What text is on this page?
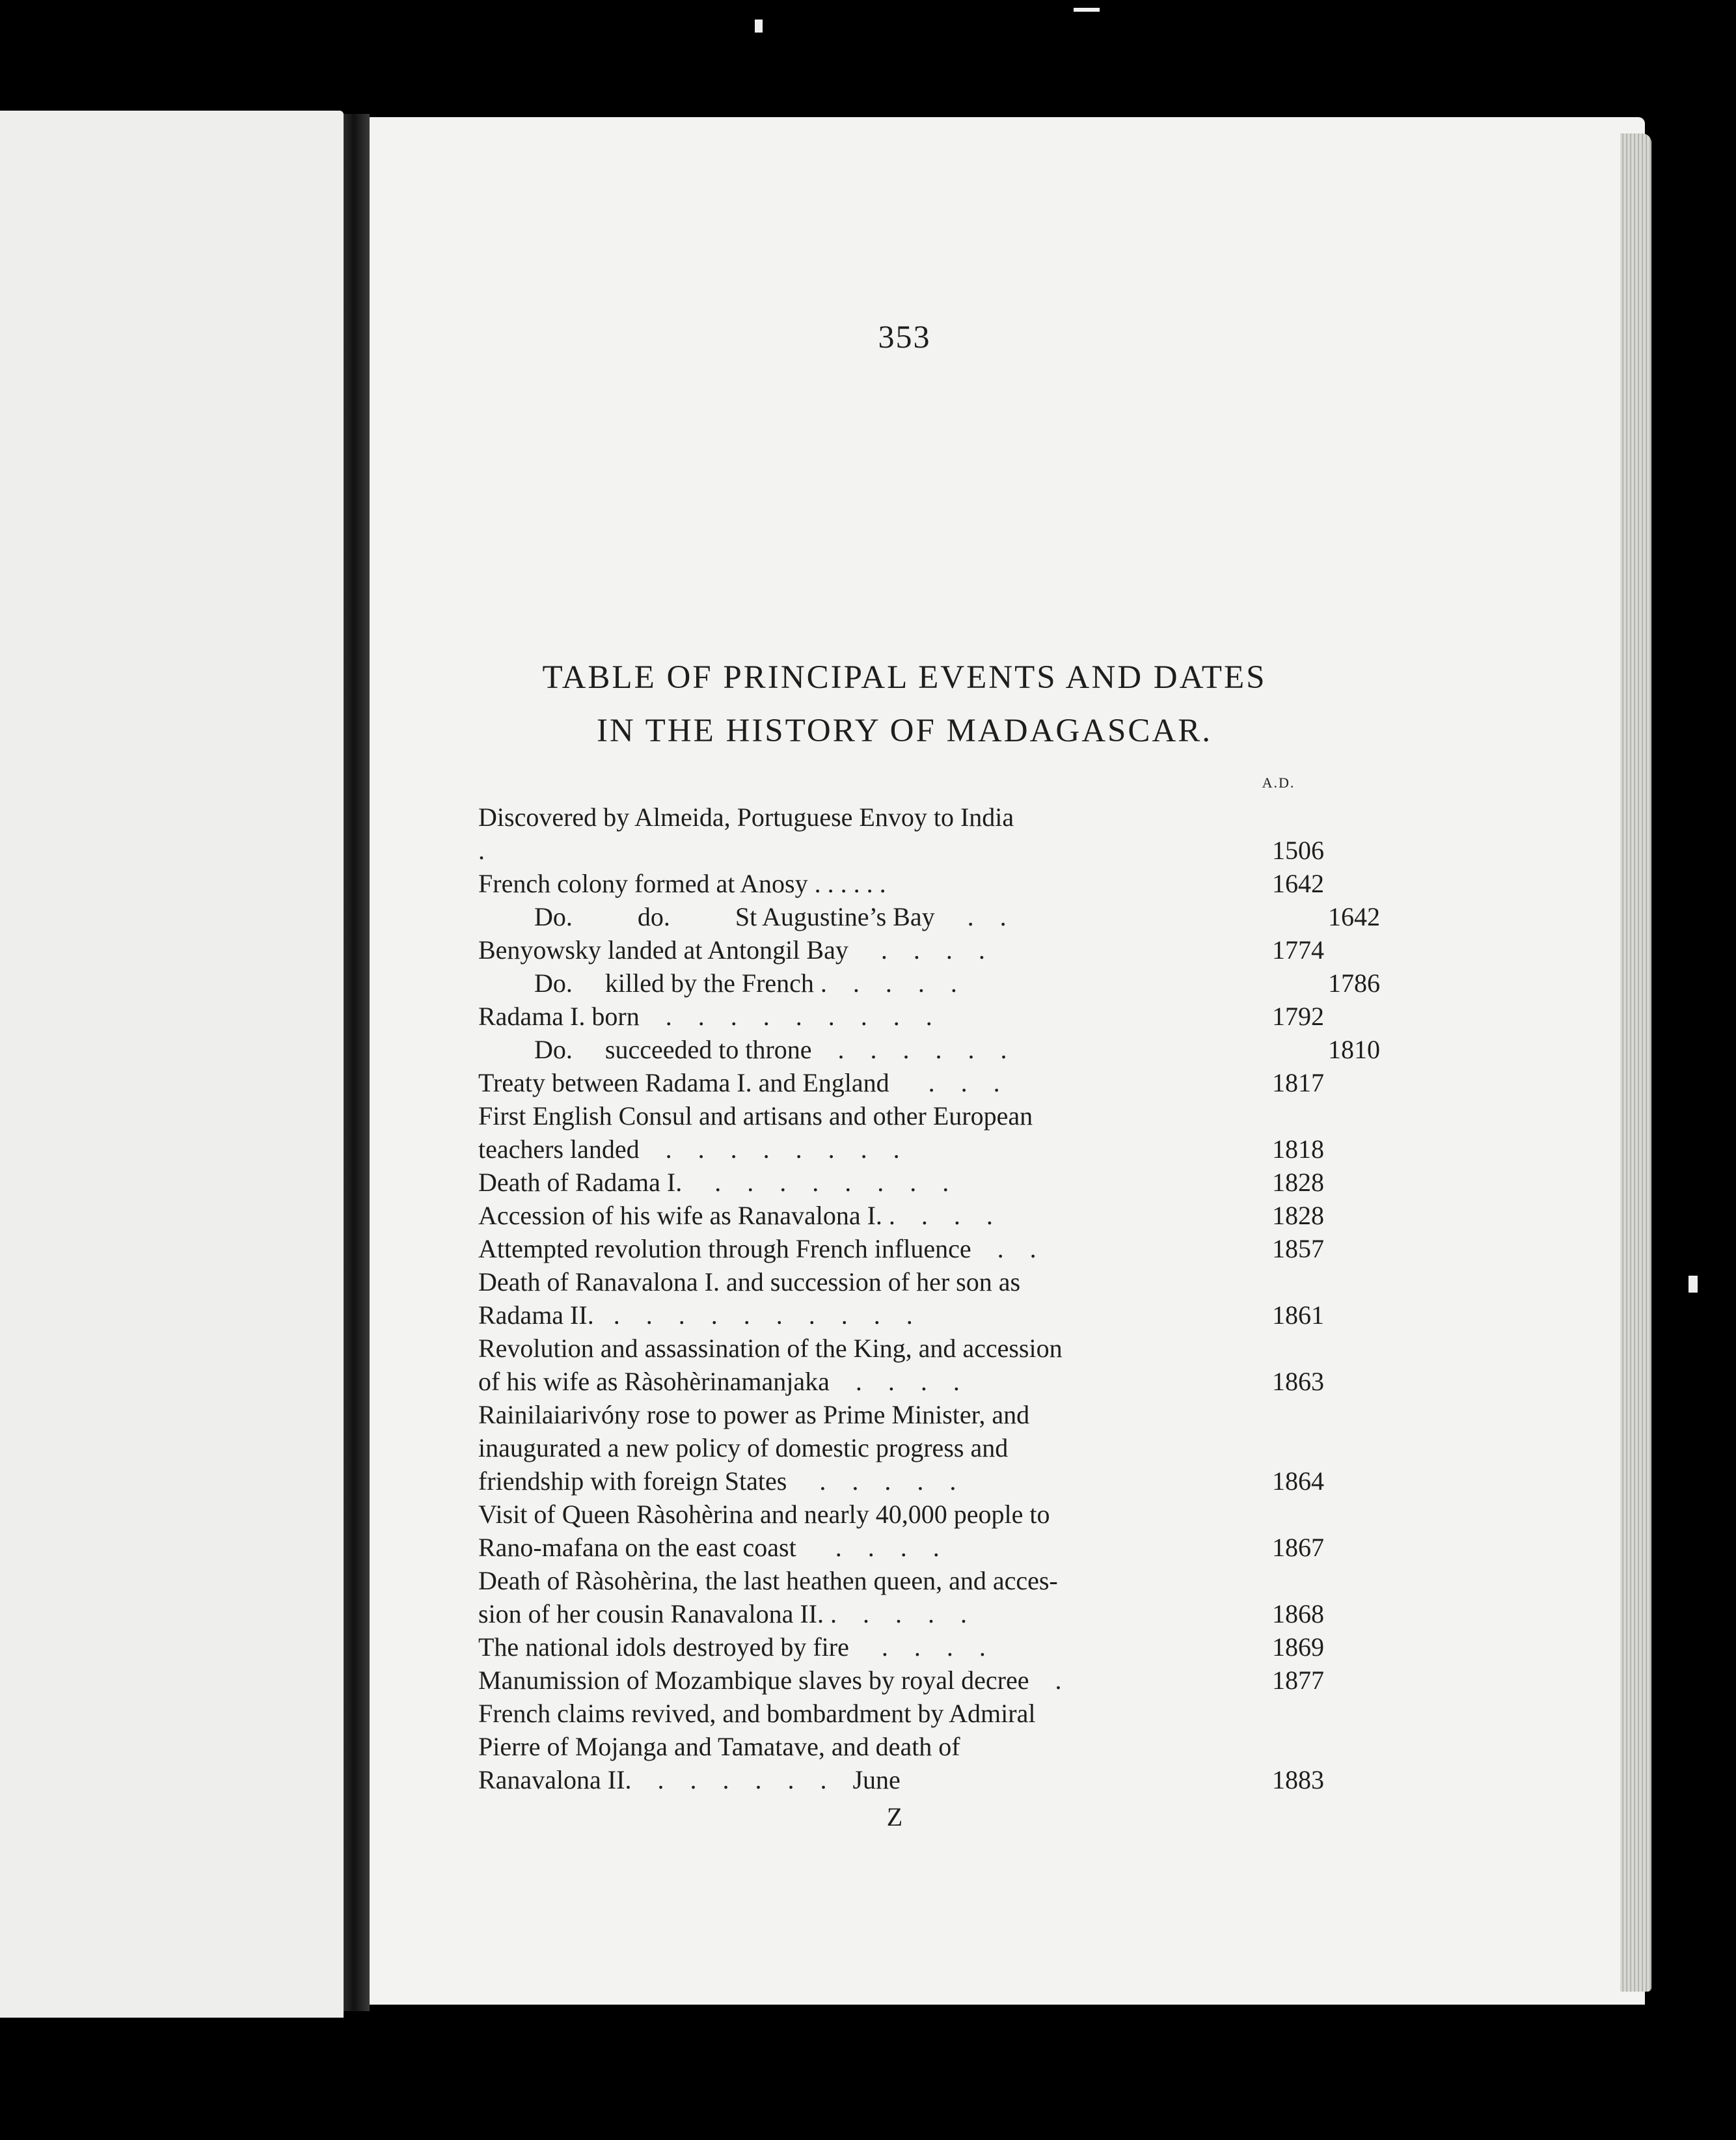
353
TABLE OF PRINCIPAL EVENTS AND DATES
IN THE HISTORY OF MADAGASCAR.
A.D.
Discovered by Almeida, Portuguese Envoy to India
.	1506
French colony formed at Anosy . . . . . .	1642
Do.          do.          St Augustine’s Bay     .    .	1642
Benyowsky landed at Antongil Bay     .    .    .    .	1774
Do.     killed by the French .    .    .    .    .	1786
Radama I. born    .    .    .    .    .    .    .    .    .	1792
Do.     succeeded to throne    .    .    .    .    .    .	1810
Treaty between Radama I. and England      .    .    .	1817
First English Consul and artisans and other European
teachers landed    .    .    .    .    .    .    .    .	1818
Death of Radama I.     .    .    .    .    .    .    .    .	1828
Accession of his wife as Ranavalona I. .    .    .    .	1828
Attempted revolution through French influence    .    .	1857
Death of Ranavalona I. and succession of her son as
Radama II.   .    .    .    .    .    .    .    .    .    .	1861
Revolution and assassination of the King, and accession
of his wife as Ràsohèrinamanjaka    .    .    .    .	1863
Rainilaiarivóny rose to power as Prime Minister, and
inaugurated a new policy of domestic progress and
friendship with foreign States     .    .    .    .    .	1864
Visit of Queen Ràsohèrina and nearly 40,000 people to
Rano-mafana on the east coast      .    .    .    .	1867
Death of Ràsohèrina, the last heathen queen, and acces-
sion of her cousin Ranavalona II. .    .    .    .    .	1868
The national idols destroyed by fire     .    .    .    .	1869
Manumission of Mozambique slaves by royal decree    .	1877
French claims revived, and bombardment by Admiral
Pierre of Mojanga and Tamatave, and death of
Ranavalona II.    .    .    .    .    .    .    June	1883
Z
